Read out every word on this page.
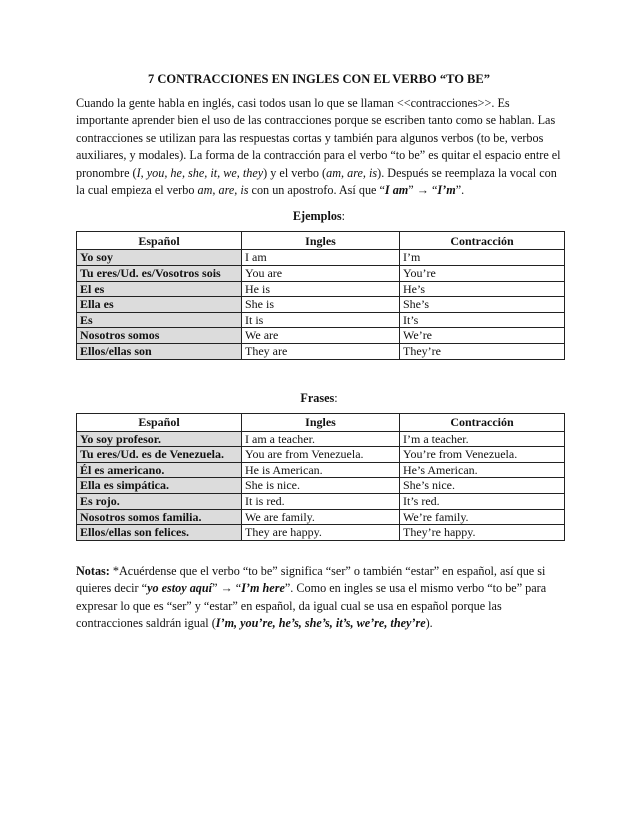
7 CONTRACCIONES EN INGLES CON EL VERBO “TO BE”

Cuando la gente habla en inglés, casi todos usan lo que se llaman <<contracciones>>. Es importante aprender bien el uso de las contracciones porque se escriben tanto como se hablan. Las contracciones se utilizan para las respuestas cortas y también para algunos verbos (to be, verbos auxiliares, y modales). La forma de la contracción para el verbo “to be” es quitar el espacio entre el pronombre (I, you, he, she, it, we, they) y el verbo (am, are, is). Después se reemplaza la vocal con la cual empieza el verbo am, are, is con un apostrofo. Así que “I am” → “I’m”.

Ejemplos:

Español	Ingles	Contracción
Yo soy	I am	I’m
Tu eres/Ud. es/Vosotros sois	You are	You’re
El es	He is	He’s
Ella es	She is	She’s
Es	It is	It’s
Nosotros somos	We are	We’re
Ellos/ellas son	They are	They’re

Frases:

Español	Ingles	Contracción
Yo soy profesor.	I am a teacher.	I’m a teacher.
Tu eres/Ud. es de Venezuela.	You are from Venezuela.	You’re from Venezuela.
Él es americano.	He is American.	He’s American.
Ella es simpática.	She is nice.	She’s nice.
Es rojo.	It is red.	It’s red.
Nosotros somos familia.	We are family.	We’re family.
Ellos/ellas son felices.	They are happy.	They’re happy.

Notas: *Acuérdense que el verbo “to be” significa “ser” o también “estar” en español, así que si quieres decir “yo estoy aquí” → “I’m here”. Como en ingles se usa el mismo verbo “to be” para expresar lo que es “ser” y “estar” en español, da igual cual se usa en español porque las contracciones saldrán igual (I’m, you’re, he’s, she’s, it’s, we’re, they’re).
